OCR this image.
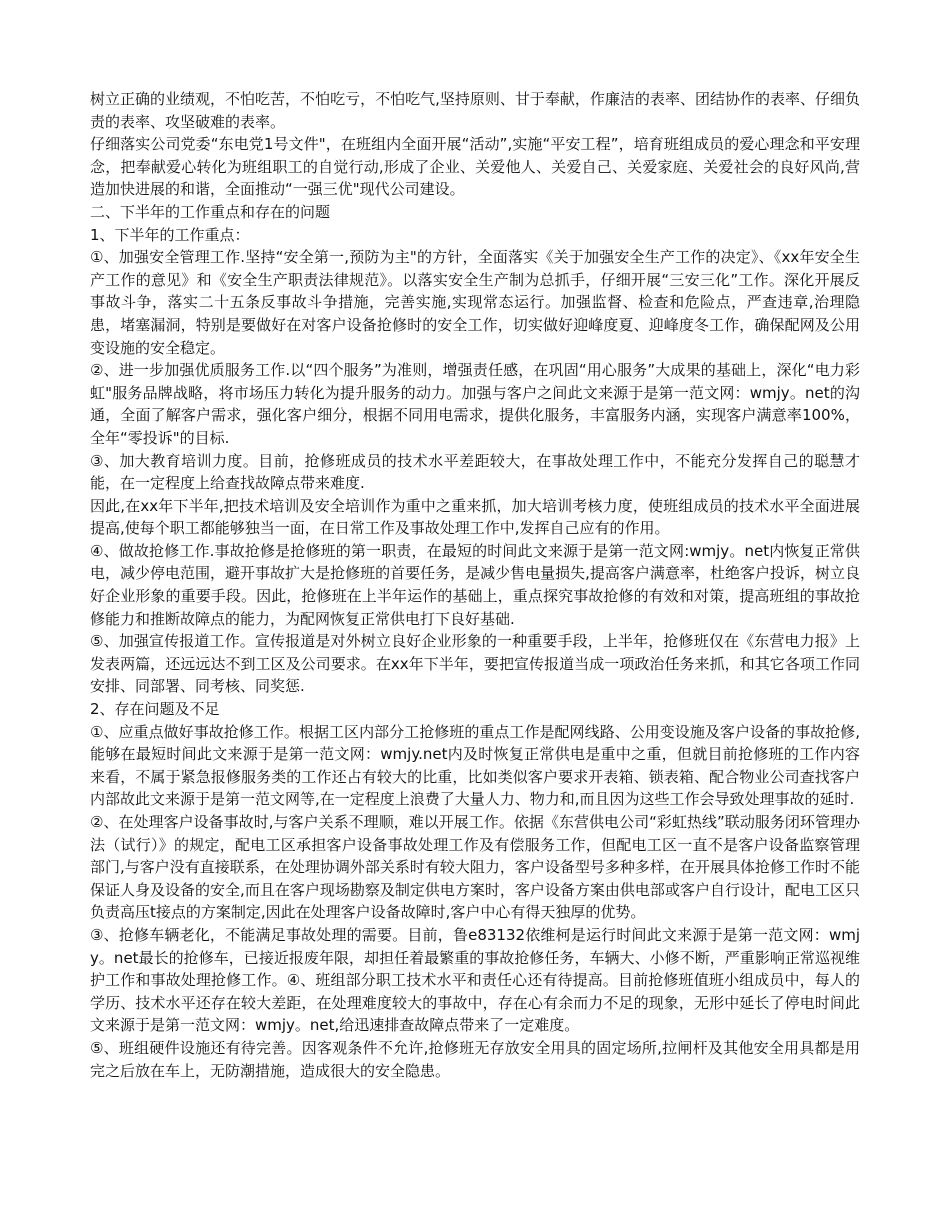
树立正确的业绩观，不怕吃苦，不怕吃亏，不怕吃气,坚持原则、甘于奉献，作廉洁的表率、团结协作的表率、仔细负责的表率、攻坚破难的表率。

仔细落实公司党委“东电党1号文件"，在班组内全面开展“活动”,实施“平安工程”，培育班组成员的爱心理念和平安理念，把奉献爱心转化为班组职工的自觉行动,形成了企业、关爱他人、关爱自己、关爱家庭、关爱社会的良好风尚,营造加快进展的和谐，全面推动“一强三优"现代公司建设。

二、下半年的工作重点和存在的问题

1、下半年的工作重点：

①、加强安全管理工作.坚持“安全第一,预防为主"的方针，全面落实《关于加强安全生产工作的决定》、《xx年安全生产工作的意见》和《安全生产职责法律规范》。以落实安全生产制为总抓手，仔细开展“三安三化”工作。深化开展反事故斗争，落实二十五条反事故斗争措施，完善实施,实现常态运行。加强监督、检查和危险点，严查违章,治理隐患，堵塞漏洞，特别是要做好在对客户设备抢修时的安全工作，切实做好迎峰度夏、迎峰度冬工作，确保配网及公用变设施的安全稳定。

②、进一步加强优质服务工作.以“四个服务”为准则，增强责任感，在巩固“用心服务”大成果的基础上，深化“电力彩虹"服务品牌战略，将市场压力转化为提升服务的动力。加强与客户之间此文来源于是第一范文网：wmjy。net的沟通，全面了解客户需求，强化客户细分，根据不同用电需求，提供化服务，丰富服务内涵，实现客户满意率100%，全年“零投诉"的目标.

③、加大教育培训力度。目前，抢修班成员的技术水平差距较大，在事故处理工作中，不能充分发挥自己的聪慧才能，在一定程度上给查找故障点带来难度.

因此,在xx年下半年,把技术培训及安全培训作为重中之重来抓，加大培训考核力度，使班组成员的技术水平全面进展提高,使每个职工都能够独当一面，在日常工作及事故处理工作中,发挥自己应有的作用。

④、做故抢修工作.事故抢修是抢修班的第一职责，在最短的时间此文来源于是第一范文网:wmjy。net内恢复正常供电，减少停电范围，避开事故扩大是抢修班的首要任务，是减少售电量损失,提高客户满意率，杜绝客户投诉，树立良好企业形象的重要手段。因此，抢修班在上半年运作的基础上，重点探究事故抢修的有效和对策，提高班组的事故抢修能力和推断故障点的能力，为配网恢复正常供电打下良好基础.

⑤、加强宣传报道工作。宣传报道是对外树立良好企业形象的一种重要手段，上半年，抢修班仅在《东营电力报》上发表两篇，还远远达不到工区及公司要求。在xx年下半年，要把宣传报道当成一项政治任务来抓，和其它各项工作同安排、同部署、同考核、同奖惩.

2、存在问题及不足

①、应重点做好事故抢修工作。根据工区内部分工抢修班的重点工作是配网线路、公用变设施及客户设备的事故抢修,能够在最短时间此文来源于是第一范文网：wmjy.net内及时恢复正常供电是重中之重，但就目前抢修班的工作内容来看，不属于紧急报修服务类的工作还占有较大的比重，比如类似客户要求开表箱、锁表箱、配合物业公司查找客户内部故此文来源于是第一范文网等,在一定程度上浪费了大量人力、物力和,而且因为这些工作会导致处理事故的延时.

②、在处理客户设备事故时,与客户关系不理顺，难以开展工作。依据《东营供电公司“彩虹热线”联动服务闭环管理办法（试行）》的规定，配电工区承担客户设备事故处理工作及有偿服务工作，但配电工区一直不是客户设备监察管理部门,与客户没有直接联系，在处理协调外部关系时有较大阻力，客户设备型号多种多样，在开展具体抢修工作时不能保证人身及设备的安全,而且在客户现场勘察及制定供电方案时，客户设备方案由供电部或客户自行设计，配电工区只负责高压t接点的方案制定,因此在处理客户设备故障时,客户中心有得天独厚的优势。

③、抢修车辆老化，不能满足事故处理的需要。目前，鲁e83132依维柯是运行时间此文来源于是第一范文网：wmjy。net最长的抢修车，已接近报废年限，却担任着最繁重的事故抢修任务，车辆大、小修不断，严重影响正常巡视维护工作和事故处理抢修工作。④、班组部分职工技术水平和责任心还有待提高。目前抢修班值班小组成员中，每人的学历、技术水平还存在较大差距，在处理难度较大的事故中，存在心有余而力不足的现象，无形中延长了停电时间此文来源于是第一范文网：wmjy。net,给迅速排查故障点带来了一定难度。

⑤、班组硬件设施还有待完善。因客观条件不允许,抢修班无存放安全用具的固定场所,拉闸杆及其他安全用具都是用完之后放在车上，无防潮措施，造成很大的安全隐患。
